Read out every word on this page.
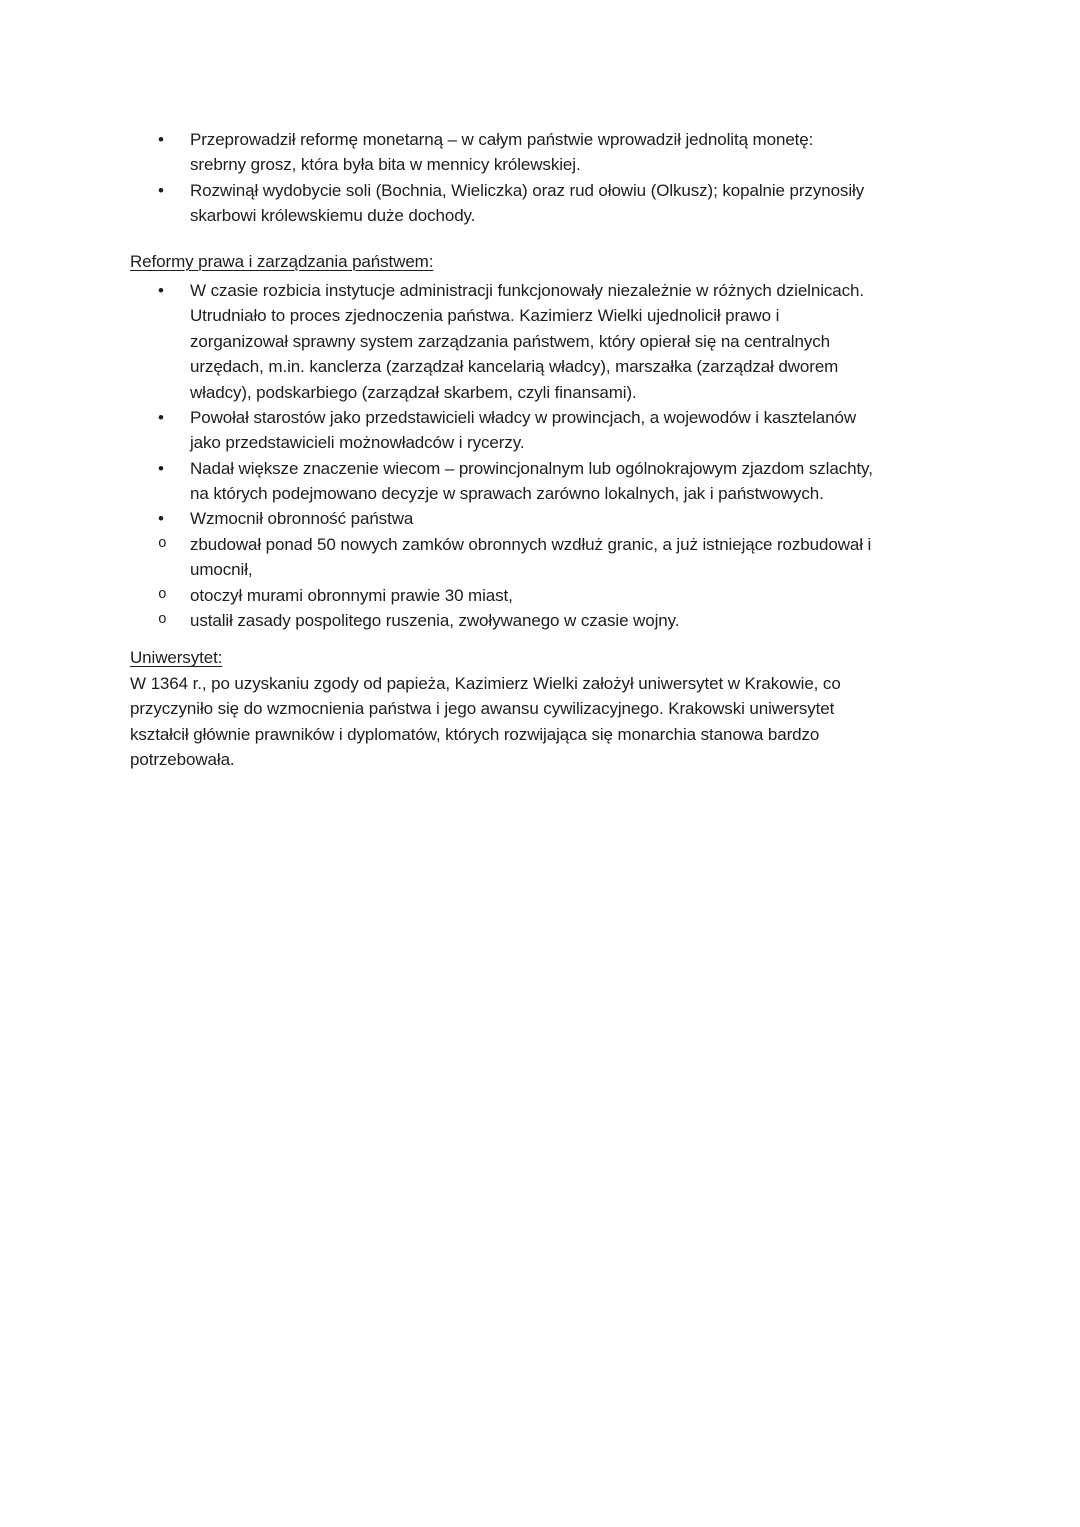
•	Przeprowadził reformę monetarną – w całym państwie wprowadził jednolitą monetę:
srebrny grosz, która była bita w mennicy królewskiej.
•	Rozwinął wydobycie soli (Bochnia, Wieliczka) oraz rud ołowiu (Olkusz); kopalnie przynosiły
skarbowi królewskiemu duże dochody.
Reformy prawa i zarządzania państwem:
•	W czasie rozbicia instytucje administracji funkcjonowały niezależnie w różnych dzielnicach.
Utrudniało to proces zjednoczenia państwa. Kazimierz Wielki ujednolicił prawo i
zorganizował sprawny system zarządzania państwem, który opierał się na centralnych
urzędach, m.in. kanclerza (zarządzał kancelarią władcy), marszałka (zarządzał dworem
władcy), podskarbiego (zarządzał skarbem, czyli finansami).
•	Powołał starostów jako przedstawicieli władcy w prowincjach, a wojewodów i kasztelanów
jako przedstawicieli możnowładców i rycerzy.
•	Nadał większe znaczenie wiecom – prowincjonalnym lub ogólnokrajowym zjazdom szlachty,
na których podejmowano decyzje w sprawach zarówno lokalnych, jak i państwowych.
•	Wzmocnił obronność państwa
o	zbudował ponad 50 nowych zamków obronnych wzdłuż granic, a już istniejące rozbudował i
umocnił,
o	otoczył murami obronnymi prawie 30 miast,
o	ustalił zasady pospolitego ruszenia, zwoływanego w czasie wojny.
Uniwersytet:
W 1364 r., po uzyskaniu zgody od papieża, Kazimierz Wielki założył uniwersytet w Krakowie, co
przyczyniło się do wzmocnienia państwa i jego awansu cywilizacyjnego. Krakowski uniwersytet
kształcił głównie prawników i dyplomatów, których rozwijająca się monarchia stanowa bardzo
potrzebowała.
